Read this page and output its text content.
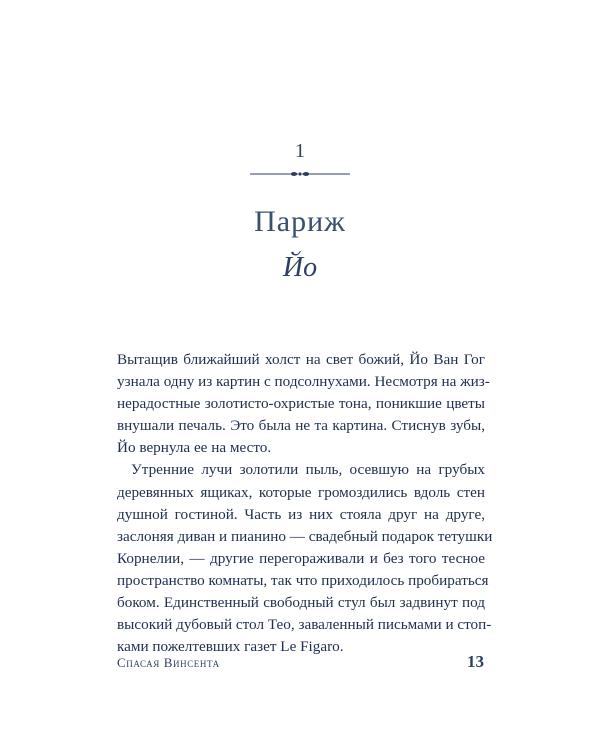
1
Париж
Йо
Вытащив ближайший холст на свет божий, Йо Ван Гог
узнала одну из картин с подсолнухами. Несмотря на жиз-
нерадостные золотисто-охристые тона, поникшие цветы
внушали печаль. Это была не та картина. Стиснув зубы,
Йо вернула ее на место.
Утренние лучи золотили пыль, осевшую на грубых
деревянных ящиках, которые громоздились вдоль стен
душной гостиной. Часть из них стояла друг на друге,
заслоняя диван и пианино — свадебный подарок тетушки
Корнелии, — другие перегораживали и без того тесное
пространство комнаты, так что приходилось пробираться
боком. Единственный свободный стул был задвинут под
высокий дубовый стол Тео, заваленный письмами и стоп-
ками пожелтевших газет Le Figaro.
Спасая Винсента	13
